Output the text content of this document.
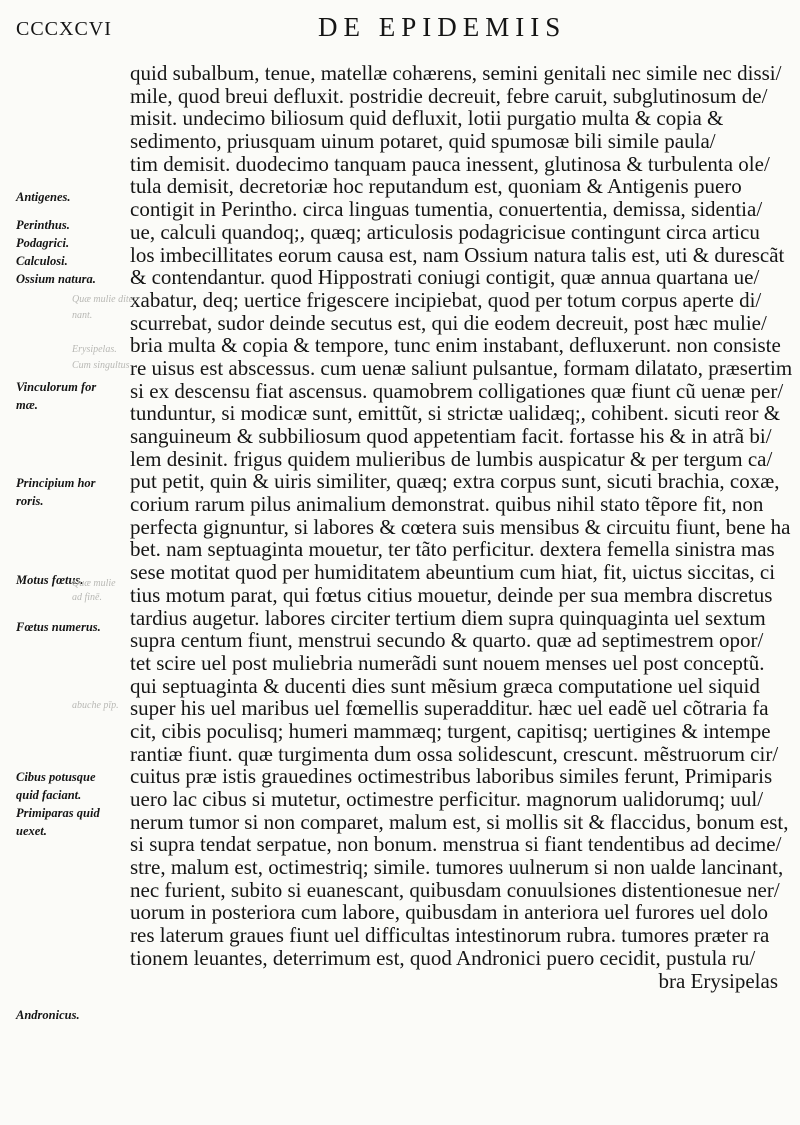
CCCXCVI	DE EPIDEMIIS
Antigenes.
Perinthus.
Podagrici.
Calculosi.
Ossium natura.
Vinculorum for
mæ.
Principium hor
roris.
Motus fœtus.
Fœtus numerus.
Cibus potusque
quid faciant.
Primiparas quid
uexet.
Andronicus.
quid subalbum, tenue, matellæ cohærens, semini genitali nec simile nec dissi/
mile, quod breui defluxit. postridie decreuit, febre caruit, subglutinosum de/
misit. undecimo biliosum quid defluxit, lotii purgatio multa & copia &
sedimento, priusquam uinum potaret, quid spumosæ bili simile paula/
tim demisit. duodecimo tanquam pauca inessent, glutinosa & turbulenta ole/
tula demisit, decretoriæ hoc reputandum est, quoniam & Antigenis puero
contigit in Perintho. circa linguas tumentia, conuertentia, demissa, sidentia/
ue, calculi quandoq;, quæq; articulosis podagricisue contingunt circa articu
los imbecillitates eorum causa est, nam Ossium natura talis est, uti & durescãt
& contendantur. quod Hippostrati coniugi contigit, quæ annua quartana ue/
xabatur, deq; uertice frigescere incipiebat, quod per totum corpus aperte di/
scurrebat, sudor deinde secutus est, qui die eodem decreuit, post hæc mulie/
bria multa & copia & tempore, tunc enim instabant, defluxerunt. non consiste
re uisus est abscessus. cum uenæ saliunt pulsantue, formam dilatato, præsertim
si ex descensu fiat ascensus. quamobrem colligationes quæ fiunt cũ uenæ per/
tunduntur, si modicæ sunt, emittũt, si strictæ ualidæq;, cohibent. sicuti reor &
sanguineum & subbiliosum quod appetentiam facit. fortasse his & in atrã bi/
lem desinit. frigus quidem mulieribus de lumbis auspicatur & per tergum ca/
put petit, quin & uiris similiter, quæq; extra corpus sunt, sicuti brachia, coxæ,
corium rarum pilus animalium demonstrat. quibus nihil stato tẽpore fit, non
perfecta gignuntur, si labores & cœtera suis mensibus & circuitu fiunt, bene ha
bet. nam septuaginta mouetur, ter tãto perficitur. dextera femella sinistra mas
sese motitat quod per humiditatem abeuntium cum hiat, fit, uictus siccitas, ci
tius motum parat, qui fœtus citius mouetur, deinde per sua membra discretus
tardius augetur. labores circiter tertium diem supra quinquaginta uel sextum
supra centum fiunt, menstrui secundo & quarto. quæ ad septimestrem opor/
tet scire uel post muliebria numerãdi sunt nouem menses uel post conceptũ.
qui septuaginta & ducenti dies sunt mẽsium græca computatione uel siquid
super his uel maribus uel fœmellis superadditur. hæc uel eadẽ uel cõtraria fa
cit, cibis poculisq; humeri mammæq; turgent, capitisq; uertigines & intempe
rantiæ fiunt. quæ turgimenta dum ossa solidescunt, crescunt. mẽstruorum cir/
cuitus præ istis grauedines octimestribus laboribus similes ferunt, Primiparis
uero lac cibus si mutetur, octimestre perficitur. magnorum ualidorumq; uul/
nerum tumor si non comparet, malum est, si mollis sit & flaccidus, bonum est,
si supra tendat serpatue, non bonum. menstrua si fiant tendentibus ad decime/
stre, malum est, octimestriq; simile. tumores uulnerum si non ualde lancinant,
nec furient, subito si euanescant, quibusdam conuulsiones distentionesue ner/
uorum in posteriora cum labore, quibusdam in anteriora uel furores uel dolo
res laterum graues fiunt uel difficultas intestinorum rubra. tumores præter ra
tionem leuantes, deterrimum est, quod Andronici puero cecidit, pustula ru/
bra Erysipelas
Quæ mulie diter
nant.
Erysipelas.
Cum singultus
Quæ mulie
ad finē.
abuche pīp.
